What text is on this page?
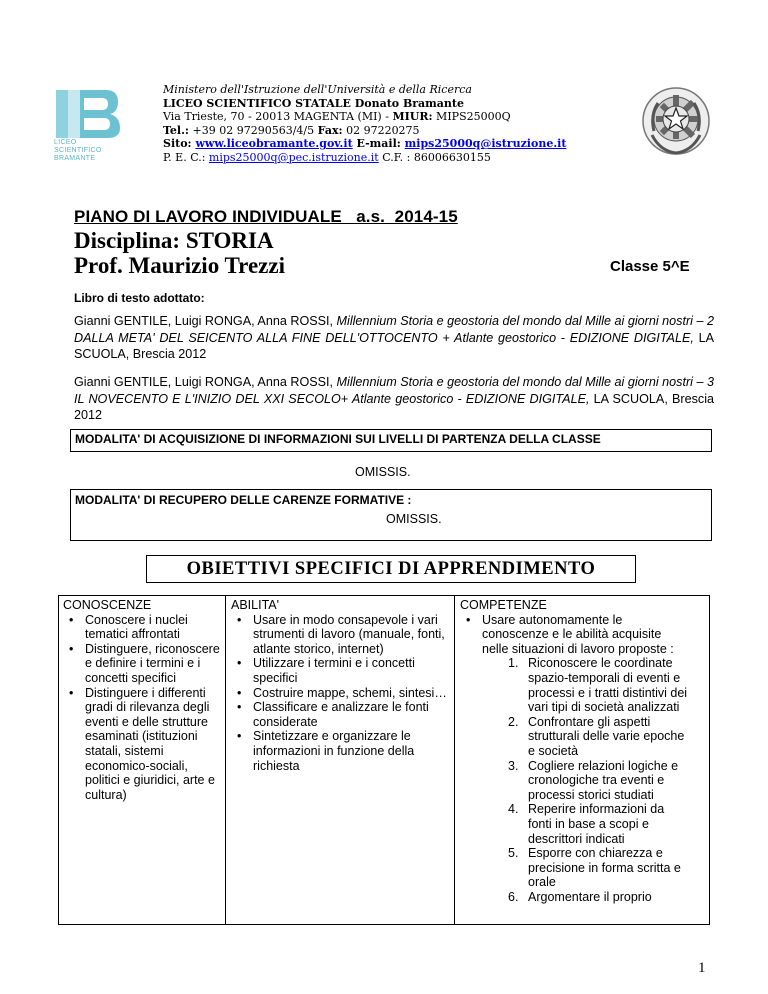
LICEO
SCIENTIFICO
BRAMANTE
Ministero dell'Istruzione dell'Università e della Ricerca
LICEO SCIENTIFICO STATALE Donato Bramante
Via Trieste, 70 - 20013 MAGENTA (MI) - MIUR: MIPS25000Q
Tel.: +39 02 97290563/4/5 Fax: 02 97220275
Sito: www.liceobramante.gov.it E-mail: mips25000q@istruzione.it
P. E. C.: mips25000q@pec.istruzione.it C.F. : 86006630155
PIANO DI LAVORO INDIVIDUALE   a.s.  2014-15
Disciplina: STORIA
Prof. Maurizio Trezzi	Classe 5^E
Libro di testo adottato:
Gianni GENTILE, Luigi RONGA, Anna ROSSI, Millennium Storia e geostoria del mondo dal Mille ai giorni nostri – 2 DALLA META' DEL SEICENTO ALLA FINE DELL'OTTOCENTO + Atlante geostorico - EDIZIONE DIGITALE, LA SCUOLA, Brescia 2012
Gianni GENTILE, Luigi RONGA, Anna ROSSI, Millennium Storia e geostoria del mondo dal Mille ai giorni nostri – 3 IL NOVECENTO E L'INIZIO DEL XXI SECOLO+ Atlante geostorico - EDIZIONE DIGITALE, LA SCUOLA, Brescia 2012
MODALITA' DI ACQUISIZIONE DI INFORMAZIONI SUI LIVELLI DI PARTENZA DELLA CLASSE
OMISSIS.
MODALITA' DI RECUPERO DELLE CARENZE FORMATIVE :
OMISSIS.
OBIETTIVI SPECIFICI DI APPRENDIMENTO
CONOSCENZE
• Conoscere i nuclei tematici affrontati
• Distinguere, riconoscere e definire i termini e i concetti specifici
• Distinguere i differenti gradi di rilevanza degli eventi e delle strutture esaminati (istituzioni statali, sistemi economico-sociali, politici e giuridici, arte e cultura)
ABILITA'
• Usare in modo consapevole i vari strumenti di lavoro (manuale, fonti, atlante storico, internet)
• Utilizzare i termini e i concetti specifici
• Costruire mappe, schemi, sintesi…
• Classificare e analizzare le fonti considerate
• Sintetizzare e organizzare le informazioni in funzione della richiesta
COMPETENZE
• Usare autonomamente le conoscenze e le abilità acquisite nelle situazioni di lavoro proposte :
1. Riconoscere le coordinate spazio-temporali di eventi e processi e i tratti distintivi dei vari tipi di società analizzati
2. Confrontare gli aspetti strutturali delle varie epoche e società
3. Cogliere relazioni logiche e cronologiche tra eventi e processi storici studiati
4. Reperire informazioni da fonti in base a scopi e descrittori indicati
5. Esporre con chiarezza e precisione in forma scritta e orale
6. Argomentare il proprio
1
